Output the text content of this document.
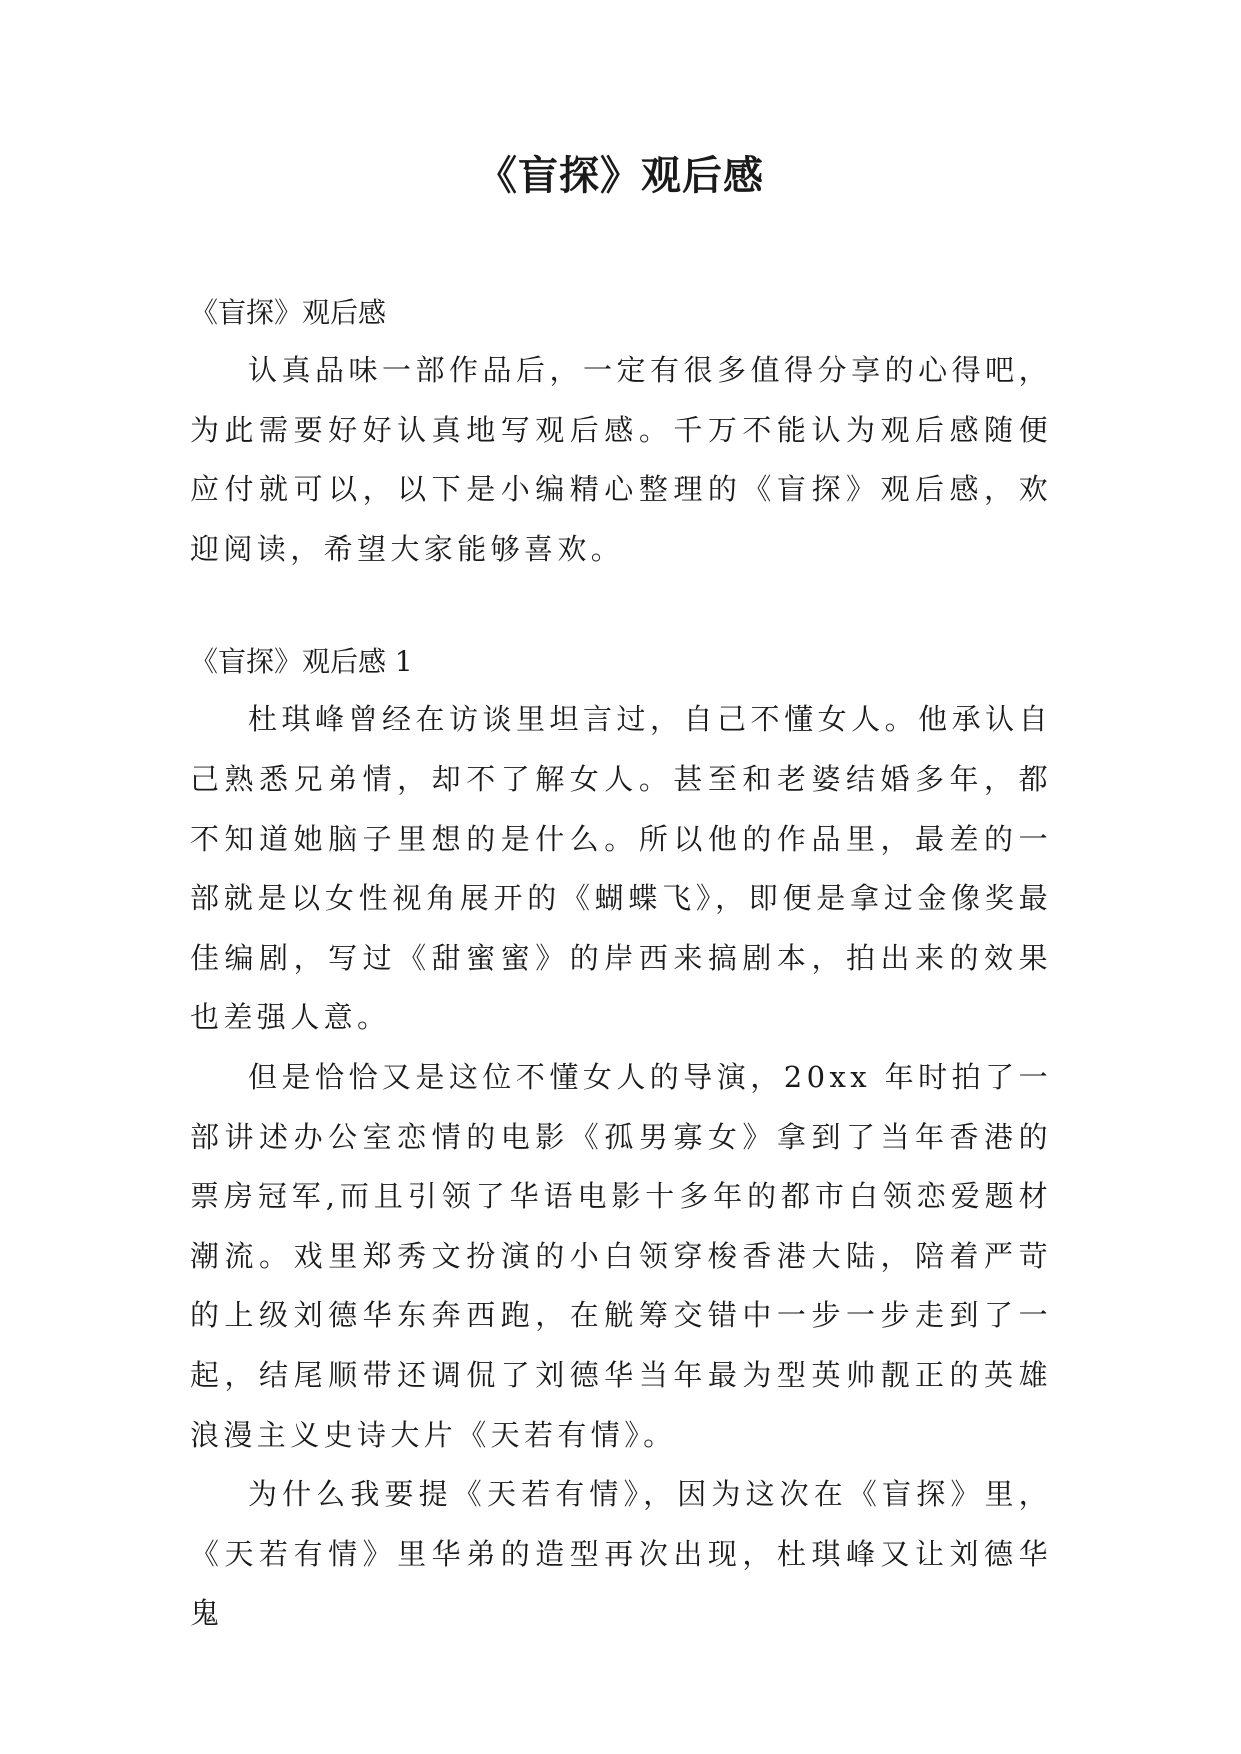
《盲探》观后感

《盲探》观后感

认真品味一部作品后，一定有很多值得分享的心得吧，为此需要好好认真地写观后感。千万不能认为观后感随便应付就可以，以下是小编精心整理的《盲探》观后感，欢迎阅读，希望大家能够喜欢。

《盲探》观后感 1

杜琪峰曾经在访谈里坦言过，自己不懂女人。他承认自己熟悉兄弟情，却不了解女人。甚至和老婆结婚多年，都不知道她脑子里想的是什么。所以他的作品里，最差的一部就是以女性视角展开的《蝴蝶飞》，即便是拿过金像奖最佳编剧，写过《甜蜜蜜》的岸西来搞剧本，拍出来的效果也差强人意。

但是恰恰又是这位不懂女人的导演，20xx 年时拍了一部讲述办公室恋情的电影《孤男寡女》拿到了当年香港的票房冠军,而且引领了华语电影十多年的都市白领恋爱题材潮流。戏里郑秀文扮演的小白领穿梭香港大陆，陪着严苛的上级刘德华东奔西跑，在觥筹交错中一步一步走到了一起，结尾顺带还调侃了刘德华当年最为型英帅靓正的英雄浪漫主义史诗大片《天若有情》。

为什么我要提《天若有情》，因为这次在《盲探》里，《天若有情》里华弟的造型再次出现，杜琪峰又让刘德华鬼
